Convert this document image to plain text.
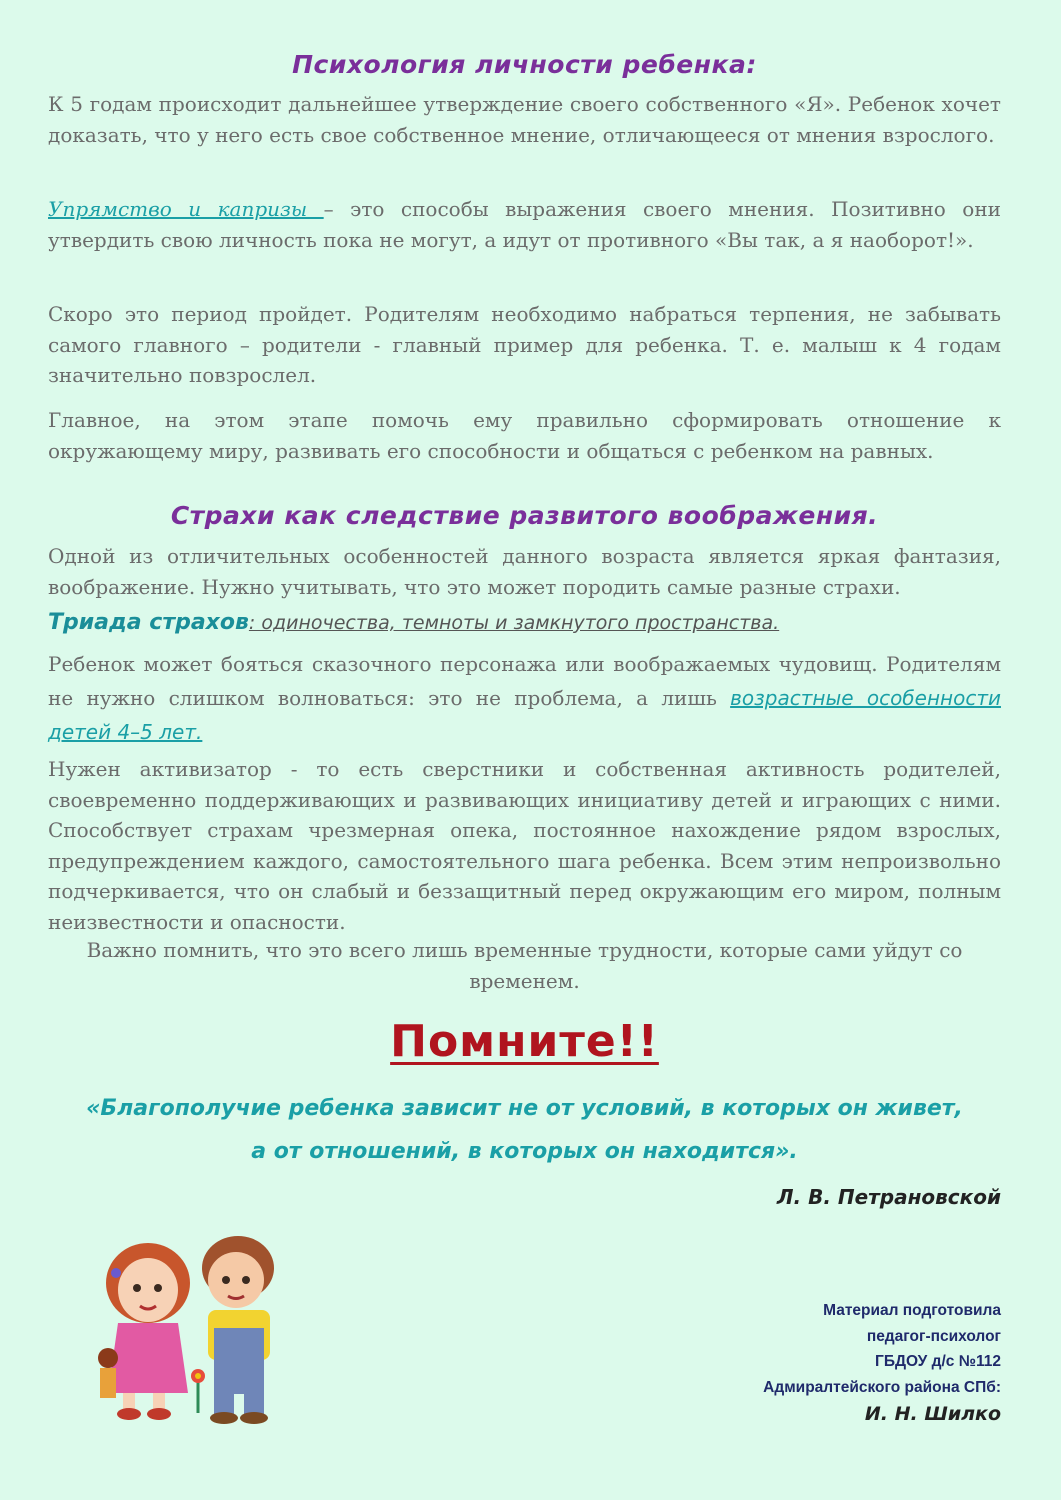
Психология личности ребенка:
К 5 годам происходит дальнейшее утверждение своего собственного «Я». Ребенок хочет доказать, что у него есть свое собственное мнение, отличающееся от мнения взрослого.
Упрямство и капризы – это способы выражения своего мнения. Позитивно они утвердить свою личность пока не могут, а идут от противного «Вы так, а я наоборот!».
Скоро это период пройдет. Родителям необходимо набраться терпения, не забывать самого главного – родители - главный пример для ребенка. Т. е. малыш к 4 годам значительно повзрослел.
Главное, на этом этапе помочь ему правильно сформировать отношение к окружающему миру, развивать его способности и общаться с ребенком на равных.
Страхи как следствие развитого воображения.
Одной из отличительных особенностей данного возраста является яркая фантазия, воображение. Нужно учитывать, что это может породить самые разные страхи.
Триада страхов: одиночества, темноты и замкнутого пространства.
Ребенок может бояться сказочного персонажа или воображаемых чудовищ. Родителям не нужно слишком волноваться: это не проблема, а лишь возрастные особенности детей 4–5 лет.
Нужен активизатор - то есть сверстники и собственная активность родителей, своевременно поддерживающих и развивающих инициативу детей и играющих с ними. Способствует страхам чрезмерная опека, постоянное нахождение рядом взрослых, предупреждением каждого, самостоятельного шага ребенка. Всем этим непроизвольно подчеркивается, что он слабый и беззащитный перед окружающим его миром, полным неизвестности и опасности.
Важно помнить, что это всего лишь временные трудности, которые сами уйдут со
временем.
Помните!!
«Благополучие ребенка зависит не от условий, в которых он живет,
а от отношений, в которых он находится».
Л. В. Петрановской
Материал подготовила
педагог-психолог
ГБДОУ д/с №112
Адмиралтейского района СПб:
И. Н. Шилко
